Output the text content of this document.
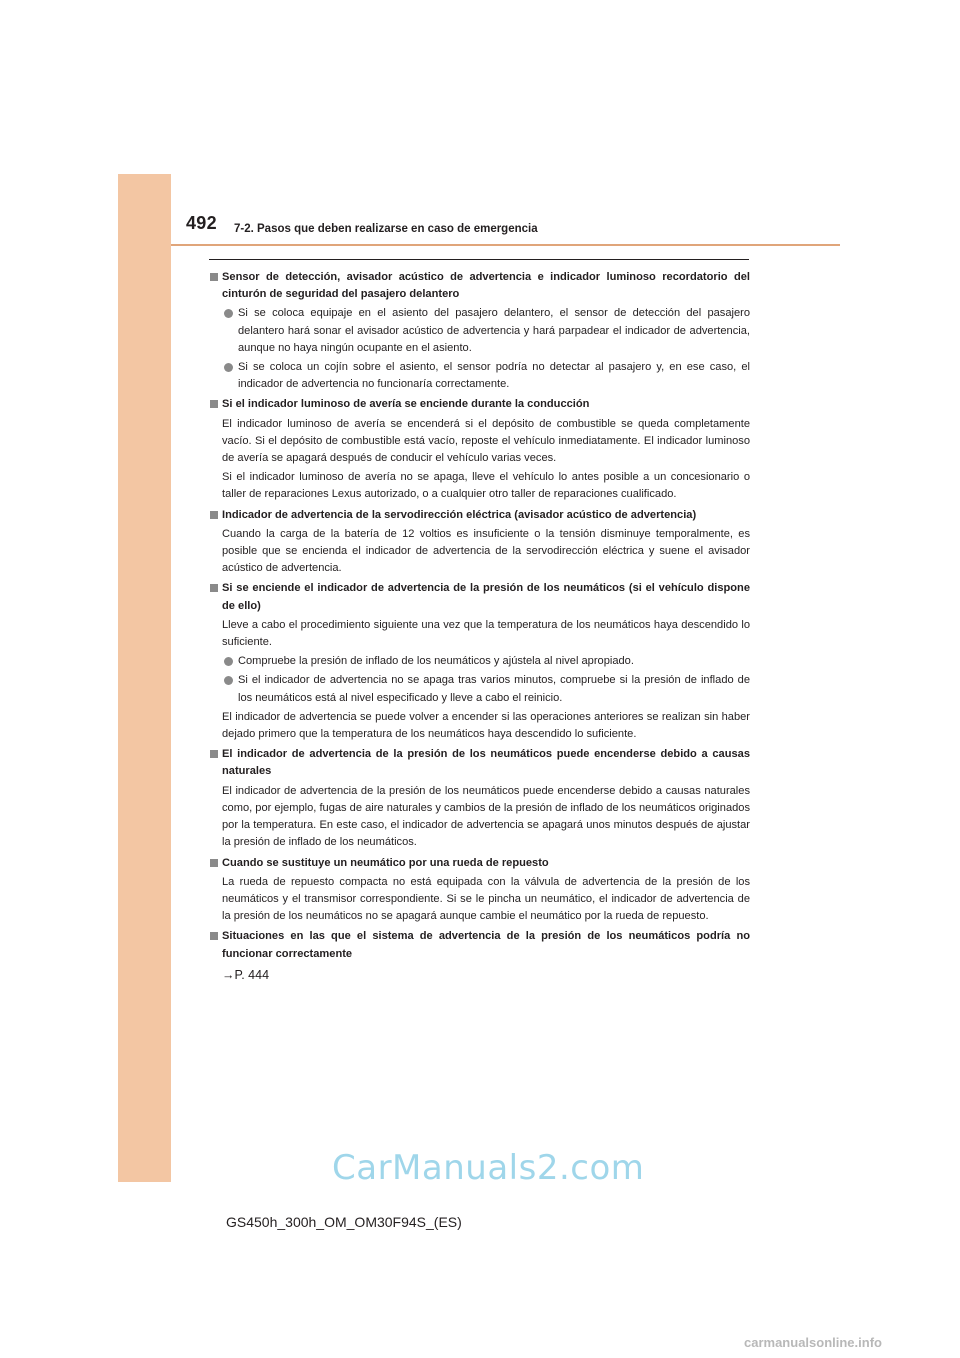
492 7-2. Pasos que deben realizarse en caso de emergencia
Sensor de detección, avisador acústico de advertencia e indicador luminoso recordatorio del cinturón de seguridad del pasajero delantero
Si se coloca equipaje en el asiento del pasajero delantero, el sensor de detección del pasajero delantero hará sonar el avisador acústico de advertencia y hará parpadear el indicador de advertencia, aunque no haya ningún ocupante en el asiento.
Si se coloca un cojín sobre el asiento, el sensor podría no detectar al pasajero y, en ese caso, el indicador de advertencia no funcionaría correctamente.
Si el indicador luminoso de avería se enciende durante la conducción
El indicador luminoso de avería se encenderá si el depósito de combustible se queda completamente vacío. Si el depósito de combustible está vacío, reposte el vehículo inmediatamente. El indicador luminoso de avería se apagará después de conducir el vehículo varias veces.
Si el indicador luminoso de avería no se apaga, lleve el vehículo lo antes posible a un concesionario o taller de reparaciones Lexus autorizado, o a cualquier otro taller de reparaciones cualificado.
Indicador de advertencia de la servodirección eléctrica (avisador acústico de advertencia)
Cuando la carga de la batería de 12 voltios es insuficiente o la tensión disminuye temporalmente, es posible que se encienda el indicador de advertencia de la servodirección eléctrica y suene el avisador acústico de advertencia.
Si se enciende el indicador de advertencia de la presión de los neumáticos (si el vehículo dispone de ello)
Lleve a cabo el procedimiento siguiente una vez que la temperatura de los neumáticos haya descendido lo suficiente.
Compruebe la presión de inflado de los neumáticos y ajústela al nivel apropiado.
Si el indicador de advertencia no se apaga tras varios minutos, compruebe si la presión de inflado de los neumáticos está al nivel especificado y lleve a cabo el reinicio.
El indicador de advertencia se puede volver a encender si las operaciones anteriores se realizan sin haber dejado primero que la temperatura de los neumáticos haya descendido lo suficiente.
El indicador de advertencia de la presión de los neumáticos puede encenderse debido a causas naturales
El indicador de advertencia de la presión de los neumáticos puede encenderse debido a causas naturales como, por ejemplo, fugas de aire naturales y cambios de la presión de inflado de los neumáticos originados por la temperatura. En este caso, el indicador de advertencia se apagará unos minutos después de ajustar la presión de inflado de los neumáticos.
Cuando se sustituye un neumático por una rueda de repuesto
La rueda de repuesto compacta no está equipada con la válvula de advertencia de la presión de los neumáticos y el transmisor correspondiente. Si se le pincha un neumático, el indicador de advertencia de la presión de los neumáticos no se apagará aunque cambie el neumático por la rueda de repuesto.
Situaciones en las que el sistema de advertencia de la presión de los neumáticos podría no funcionar correctamente
→P. 444
CarManuals2.com
GS450h_300h_OM_OM30F94S_(ES)
carmanualsonline.info
